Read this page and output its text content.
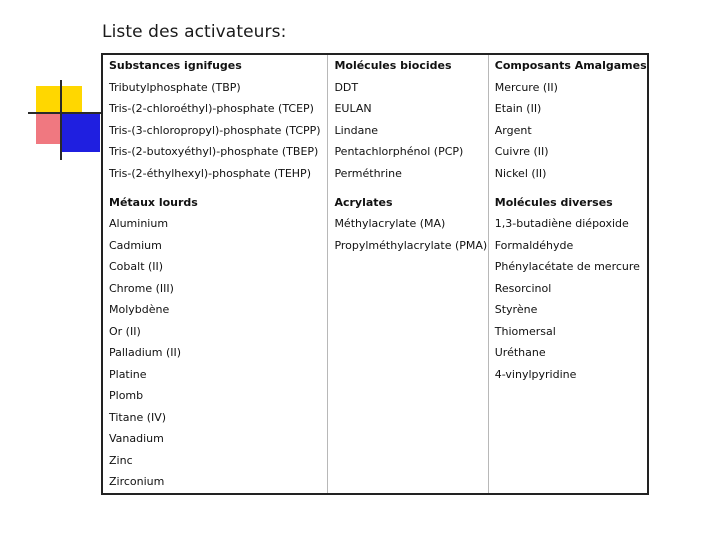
Liste des activateurs:
Substances ignifuges	Molécules biocides	Composants Amalgames
Tributylphosphate (TBP)	DDT	Mercure (II)
Tris-(2-chloroéthyl)-phosphate (TCEP)	EULAN	Etain (II)
Tris-(3-chloropropyl)-phosphate (TCPP)	Lindane	Argent
Tris-(2-butoxyéthyl)-phosphate (TBEP)	Pentachlorphénol (PCP)	Cuivre (II)
Tris-(2-éthylhexyl)-phosphate (TEHP)	Perméthrine	Nickel (II)
Métaux lourds	Acrylates	Molécules diverses
Aluminium	Méthylacrylate (MA)	1,3-butadiène diépoxide
Cadmium	Propylméthylacrylate (PMA)	Formaldéhyde
Cobalt (II)		Phénylacétate de mercure
Chrome (III)		Resorcinol
Molybdène		Styrène
Or (II)		Thiomersal
Palladium (II)		Uréthane
Platine		4-vinylpyridine
Plomb		
Titane (IV)		
Vanadium		
Zinc		
Zirconium		
